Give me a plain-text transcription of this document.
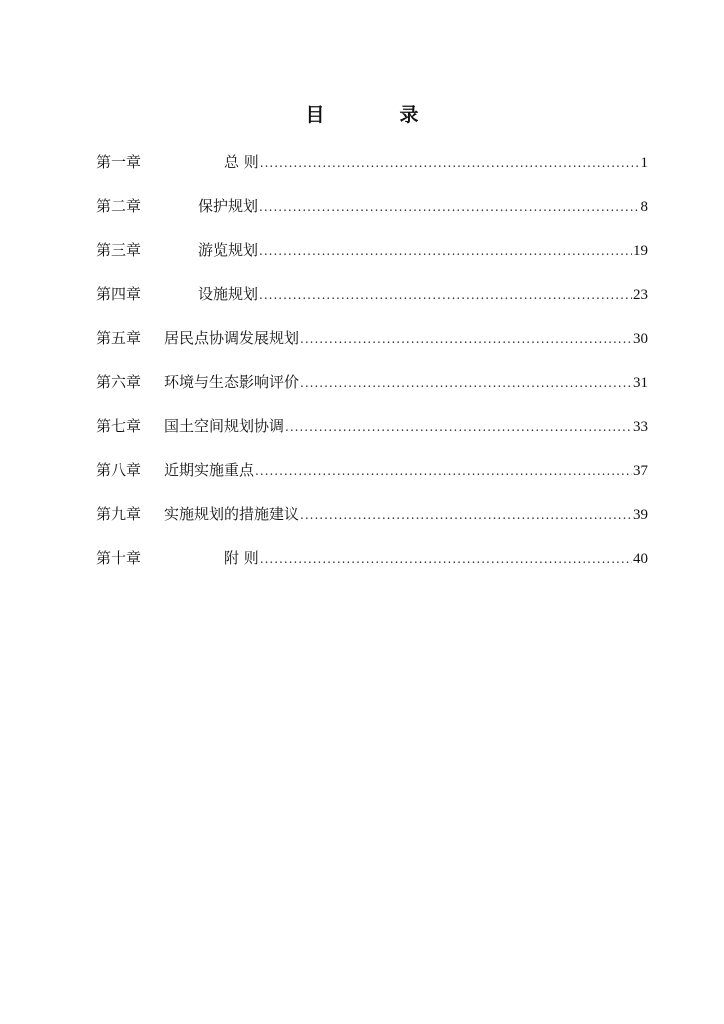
目　录
第一章	总 则 .....	1
第二章	保护规划 .....	8
第三章	游览规划 .....	19
第四章	设施规划 .....	23
第五章	居民点协调发展规划 .....	30
第六章	环境与生态影响评价 .....	31
第七章	国土空间规划协调 .....	33
第八章	近期实施重点 .....	37
第九章	实施规划的措施建议 .....	39
第十章	附 则 .....	40
